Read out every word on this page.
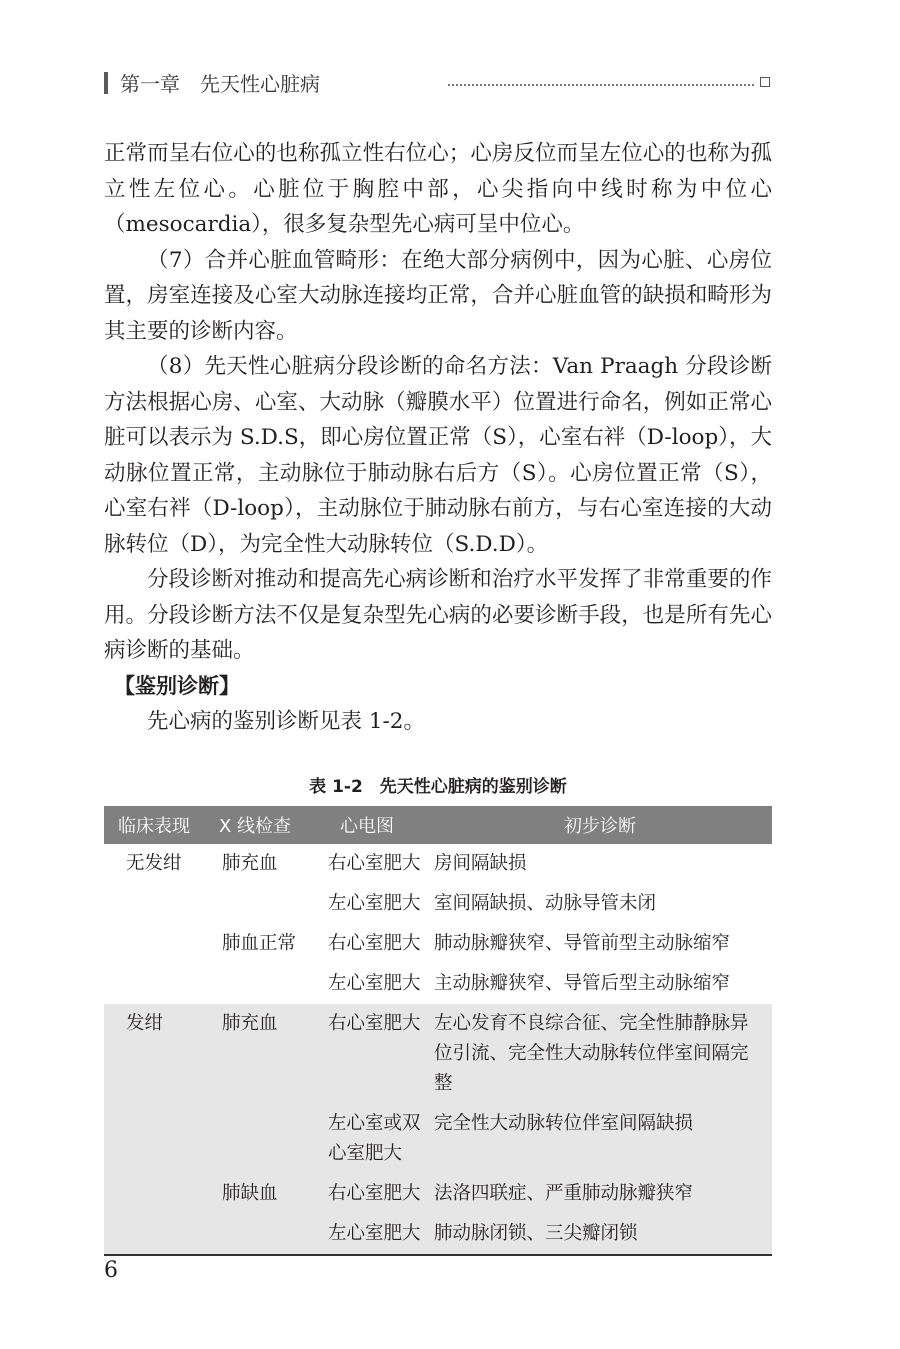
第一章　先天性心脏病

正常而呈右位心的也称孤立性右位心；心房反位而呈左位心的也称为孤立性左位心。心脏位于胸腔中部，心尖指向中线时称为中位心（mesocardia），很多复杂型先心病可呈中位心。

（7）合并心脏血管畸形：在绝大部分病例中，因为心脏、心房位置，房室连接及心室大动脉连接均正常，合并心脏血管的缺损和畸形为其主要的诊断内容。

（8）先天性心脏病分段诊断的命名方法：Van Praagh 分段诊断方法根据心房、心室、大动脉（瓣膜水平）位置进行命名，例如正常心脏可以表示为 S.D.S，即心房位置正常（S），心室右袢（D-loop），大动脉位置正常，主动脉位于肺动脉右后方（S）。心房位置正常（S），心室右袢（D-loop），主动脉位于肺动脉右前方，与右心室连接的大动脉转位（D），为完全性大动脉转位（S.D.D）。

分段诊断对推动和提高先心病诊断和治疗水平发挥了非常重要的作用。分段诊断方法不仅是复杂型先心病的必要诊断手段，也是所有先心病诊断的基础。

【鉴别诊断】

先心病的鉴别诊断见表 1-2。

表 1-2　先天性心脏病的鉴别诊断
临床表现	X 线检查	心电图	初步诊断
无发绀	肺充血	右心室肥大	房间隔缺损
		左心室肥大	室间隔缺损、动脉导管未闭
	肺血正常	右心室肥大	肺动脉瓣狭窄、导管前型主动脉缩窄
		左心室肥大	主动脉瓣狭窄、导管后型主动脉缩窄
发绀	肺充血	右心室肥大	左心发育不良综合征、完全性肺静脉异位引流、完全性大动脉转位伴室间隔完整
		左心室或双心室肥大	完全性大动脉转位伴室间隔缺损
	肺缺血	右心室肥大	法洛四联症、严重肺动脉瓣狭窄
		左心室肥大	肺动脉闭锁、三尖瓣闭锁
6
